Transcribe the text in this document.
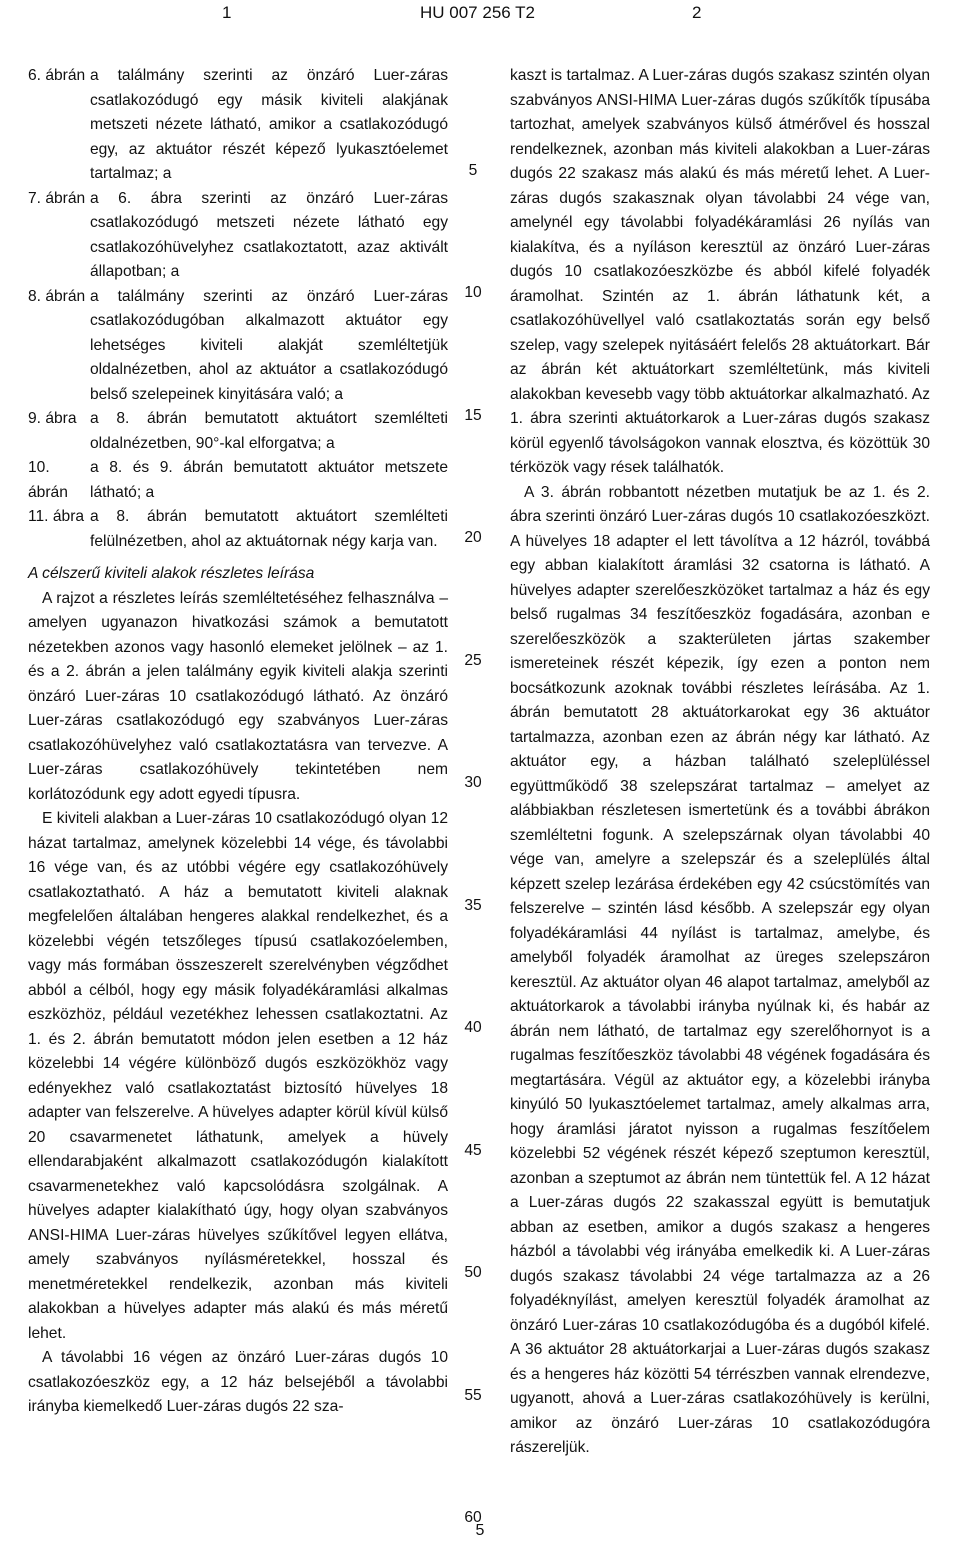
1	HU 007 256 T2	2
6. ábrán a találmány szerinti az önzáró Luer-záras csatlakozódugó egy másik kiviteli alakjának metszeti nézete látható, amikor a csatlakozódugó egy, az aktuátor részét képező lyukasztóelemet tartalmaz; a
7. ábrán a 6. ábra szerinti az önzáró Luer-záras csatlakozódugó metszeti nézete látható egy csatlakozóhüvelyhez csatlakoztatott, azaz aktivált állapotban; a
8. ábrán a találmány szerinti az önzáró Luer-záras csatlakozódugóban alkalmazott aktuátor egy lehetséges kiviteli alakját szemléltetjük oldalnézetben, ahol az aktuátor a csatlakozódugó belső szelepeinek kinyitására való; a
9. ábra a 8. ábrán bemutatott aktuátort szemlélteti oldalnézetben, 90°-kal elforgatva; a
10. ábrán
a 8. és 9. ábrán bemutatott aktuátor metszete látható; a
11. ábra a 8. ábrán bemutatott aktuátort szemlélteti felülnézetben, ahol az aktuátornak négy karja van.
A célszerű kiviteli alakok részletes leírása
A rajzot a részletes leírás szemléltetéséhez felhasználva – amelyen ugyanazon hivatkozási számok a bemutatott nézetekben azonos vagy hasonló elemeket jelölnek – az 1. és a 2. ábrán a jelen találmány egyik kiviteli alakja szerinti önzáró Luer-záras 10 csatlakozódugó látható. Az önzáró Luer-záras csatlakozódugó egy szabványos Luer-záras csatlakozóhüvelyhez való csatlakoztatásra van tervezve. A Luer-záras csatlakozóhüvely tekintetében nem korlátozódunk egy adott egyedi típusra.
E kiviteli alakban a Luer-záras 10 csatlakozódugó olyan 12 házat tartalmaz, amelynek közelebbi 14 vége, és távolabbi 16 vége van, és az utóbbi végére egy csatlakozóhüvely csatlakoztatható. A ház a bemutatott kiviteli alaknak megfelelően általában hengeres alakkal rendelkezhet, és a közelebbi végén tetszőleges típusú csatlakozóelemben, vagy más formában összeszerelt szerelvényben végződhet abból a célból, hogy egy másik folyadékáramlási alkalmas eszközhöz, például vezetékhez lehessen csatlakoztatni. Az 1. és 2. ábrán bemutatott módon jelen esetben a 12 ház közelebbi 14 végére különböző dugós eszközökhöz vagy edényekhez való csatlakoztatást biztosító hüvelyes 18 adapter van felszerelve. A hüvelyes adapter körül kívül külső 20 csavarmenetet láthatunk, amelyek a hüvely ellendarabjaként alkalmazott csatlakozódugón kialakított csavarmenetekhez való kapcsolódásra szolgálnak. A hüvelyes adapter kialakítható úgy, hogy olyan szabványos ANSI-HIMA Luer-záras hüvelyes szűkítővel legyen ellátva, amely szabványos nyílásméretekkel, hosszal és menetméretekkel rendelkezik, azonban más kiviteli alakokban a hüvelyes adapter más alakú és más méretű lehet.
A távolabbi 16 végen az önzáró Luer-záras dugós 10 csatlakozóeszköz egy, a 12 ház belsejéből a távolabbi irányba kiemelkedő Luer-záras dugós 22 sza-
5
10
15
20
25
30
35
40
45
50
55
60
kaszt is tartalmaz. A Luer-záras dugós szakasz szintén olyan szabványos ANSI-HIMA Luer-záras dugós szűkítők típusába tartozhat, amelyek szabványos külső átmérővel és hosszal rendelkeznek, azonban más kiviteli alakokban a Luer-záras dugós 22 szakasz más alakú és más méretű lehet. A Luer-záras dugós szakasznak olyan távolabbi 24 vége van, amelynél egy távolabbi folyadékáramlási 26 nyílás van kialakítva, és a nyíláson keresztül az önzáró Luer-záras dugós 10 csatlakozóeszközbe és abból kifelé folyadék áramolhat. Szintén az 1. ábrán láthatunk két, a csatlakozóhüvellyel való csatlakoztatás során egy belső szelep, vagy szelepek nyitásáért felelős 28 aktuátorkart. Bár az ábrán két aktuátorkart szemléltetünk, más kiviteli alakokban kevesebb vagy több aktuátorkar alkalmazható. Az 1. ábra szerinti aktuátorkarok a Luer-záras dugós szakasz körül egyenlő távolságokon vannak elosztva, és közöttük 30 térközök vagy rések találhatók.
A 3. ábrán robbantott nézetben mutatjuk be az 1. és 2. ábra szerinti önzáró Luer-záras dugós 10 csatlakozóeszközt. A hüvelyes 18 adapter el lett távolítva a 12 házról, továbbá egy abban kialakított áramlási 32 csatorna is látható. A hüvelyes adapter szerelőeszközöket tartalmaz a ház és egy belső rugalmas 34 feszítőeszköz fogadására, azonban e szerelőeszközök a szakterületen jártas szakember ismereteinek részét képezik, így ezen a ponton nem bocsátkozunk azoknak további részletes leírásába. Az 1. ábrán bemutatott 28 aktuátorkarokat egy 36 aktuátor tartalmazza, azonban ezen az ábrán négy kar látható. Az aktuátor egy, a házban található szeleplüléssel együttműködő 38 szelepszárat tartalmaz – amelyet az alábbiakban részletesen ismertetünk és a további ábrákon szemléltetni fogunk. A szelepszárnak olyan távolabbi 40 vége van, amelyre a szelepszár és a szeleplülés által képzett szelep lezárása érdekében egy 42 csúcstömítés van felszerelve – szintén lásd később. A szelepszár egy olyan folyadékáramlási 44 nyílást is tartalmaz, amelybe, és amelyből folyadék áramolhat az üreges szelepszáron keresztül. Az aktuátor olyan 46 alapot tartalmaz, amelyből az aktuátorkarok a távolabbi irányba nyúlnak ki, és habár az ábrán nem látható, de tartalmaz egy szerelőhornyot is a rugalmas feszítőeszköz távolabbi 48 végének fogadására és megtartására. Végül az aktuátor egy, a közelebbi irányba kinyúló 50 lyukasztóelemet tartalmaz, amely alkalmas arra, hogy áramlási járatot nyisson a rugalmas feszítőelem közelebbi 52 végének részét képező szeptumon keresztül, azonban a szeptumot az ábrán nem tüntettük fel. A 12 házat a Luer-záras dugós 22 szakasszal együtt is bemutatjuk abban az esetben, amikor a dugós szakasz a hengeres házból a távolabbi vég irányába emelkedik ki. A Luer-záras dugós szakasz távolabbi 24 vége tartalmazza az a 26 folyadéknyílást, amelyen keresztül folyadék áramolhat az önzáró Luer-záras 10 csatlakozódugóba és a dugóból kifelé. A 36 aktuátor 28 aktuátorkarjai a Luer-záras dugós szakasz és a hengeres ház közötti 54 térrészben vannak elrendezve, ugyanott, ahová a Luer-záras csatlakozóhüvely is kerülni, amikor az önzáró Luer-záras 10 csatlakozódugóra rászereljük.
5
